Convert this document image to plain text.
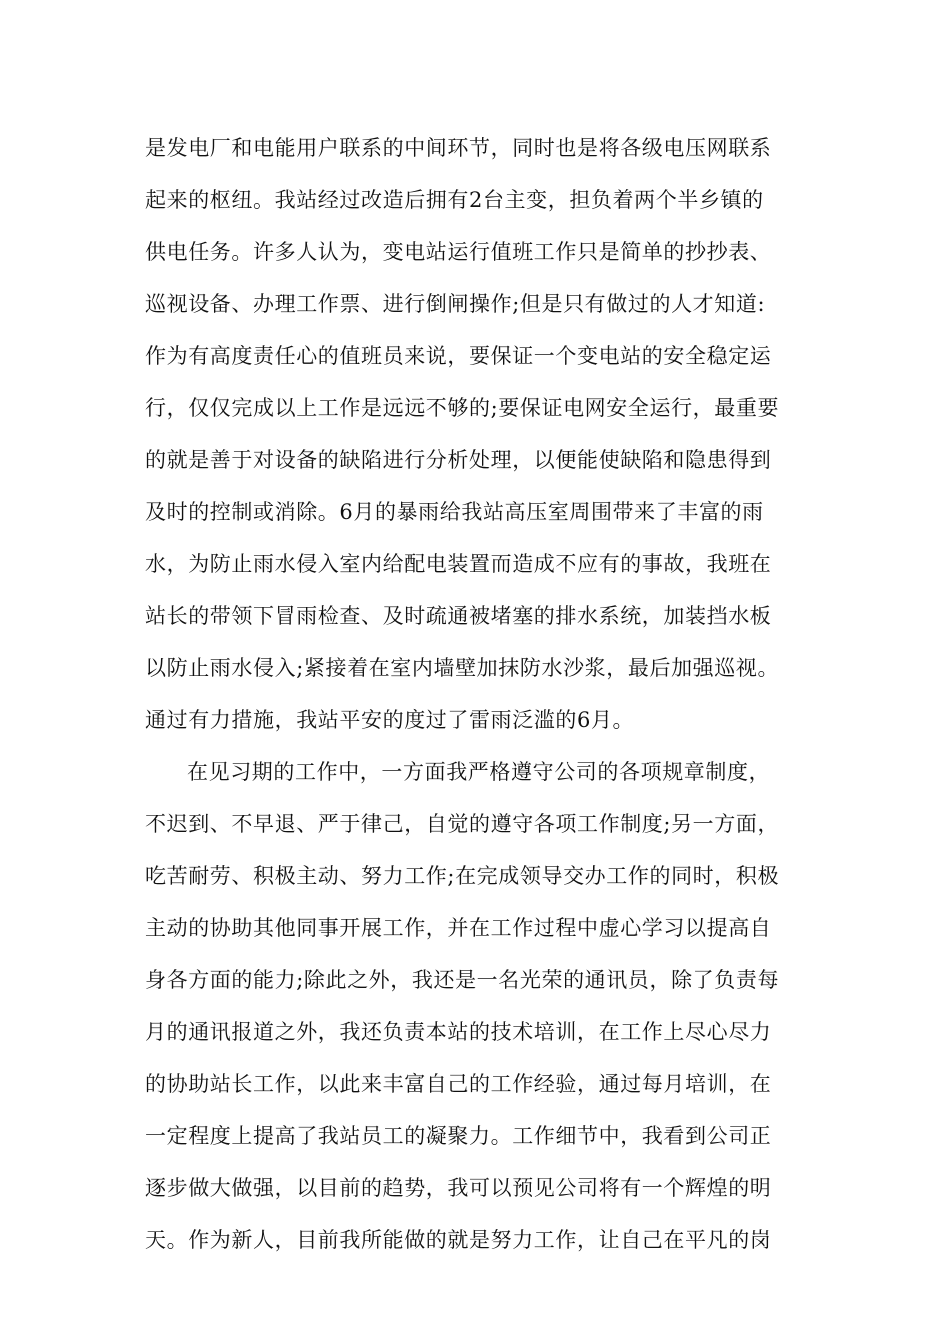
是发电厂和电能用户联系的中间环节，同时也是将各级电压网联系
起来的枢纽。我站经过改造后拥有2台主变，担负着两个半乡镇的
供电任务。许多人认为，变电站运行值班工作只是简单的抄抄表、
巡视设备、办理工作票、进行倒闸操作;但是只有做过的人才知道:
作为有高度责任心的值班员来说，要保证一个变电站的安全稳定运
行，仅仅完成以上工作是远远不够的;要保证电网安全运行，最重要
的就是善于对设备的缺陷进行分析处理，以便能使缺陷和隐患得到
及时的控制或消除。6月的暴雨给我站高压室周围带来了丰富的雨
水，为防止雨水侵入室内给配电装置而造成不应有的事故，我班在
站长的带领下冒雨检查、及时疏通被堵塞的排水系统，加装挡水板
以防止雨水侵入;紧接着在室内墙壁加抹防水沙浆，最后加强巡视。
通过有力措施，我站平安的度过了雷雨泛滥的6月。
在见习期的工作中，一方面我严格遵守公司的各项规章制度，
不迟到、不早退、严于律己，自觉的遵守各项工作制度;另一方面，
吃苦耐劳、积极主动、努力工作;在完成领导交办工作的同时，积极
主动的协助其他同事开展工作，并在工作过程中虚心学习以提高自
身各方面的能力;除此之外，我还是一名光荣的通讯员，除了负责每
月的通讯报道之外，我还负责本站的技术培训，在工作上尽心尽力
的协助站长工作，以此来丰富自己的工作经验，通过每月培训，在
一定程度上提高了我站员工的凝聚力。工作细节中，我看到公司正
逐步做大做强，以目前的趋势，我可以预见公司将有一个辉煌的明
天。作为新人，目前我所能做的就是努力工作，让自己在平凡的岗
